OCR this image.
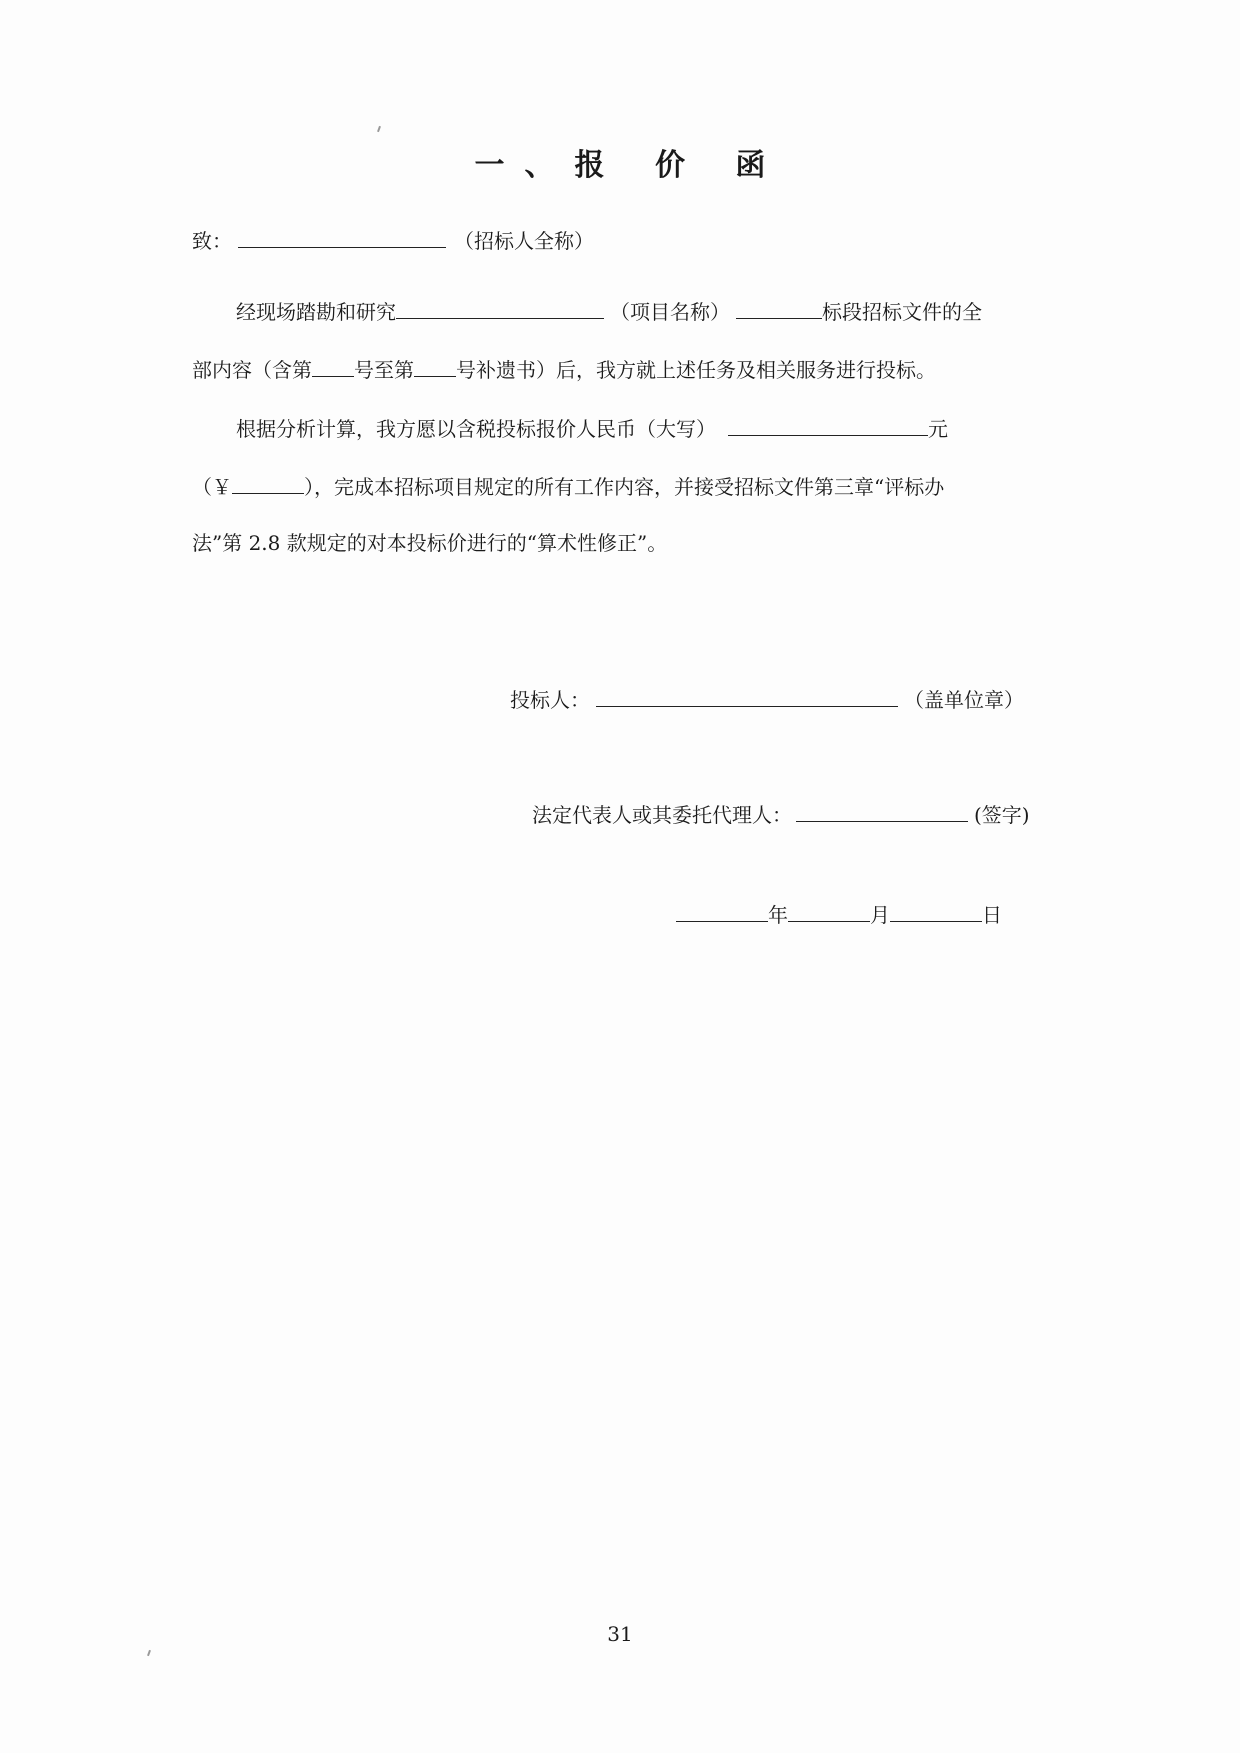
一、报 价 函
致：	（招标人全称）
经现场踏勘和研究	（项目名称）	标段招标文件的全
部内容（含第 号至第 号补遗书）后，我方就上述任务及相关服务进行投标。
根据分析计算，我方愿以含税投标报价人民币（大写）	元
（￥	），完成本招标项目规定的所有工作内容，并接受招标文件第三章“评标办
法”第 2.8 款规定的对本投标价进行的“算术性修正”。
投标人：	（盖单位章）
法定代表人或其委托代理人：	(签字)
年	月	日
31
